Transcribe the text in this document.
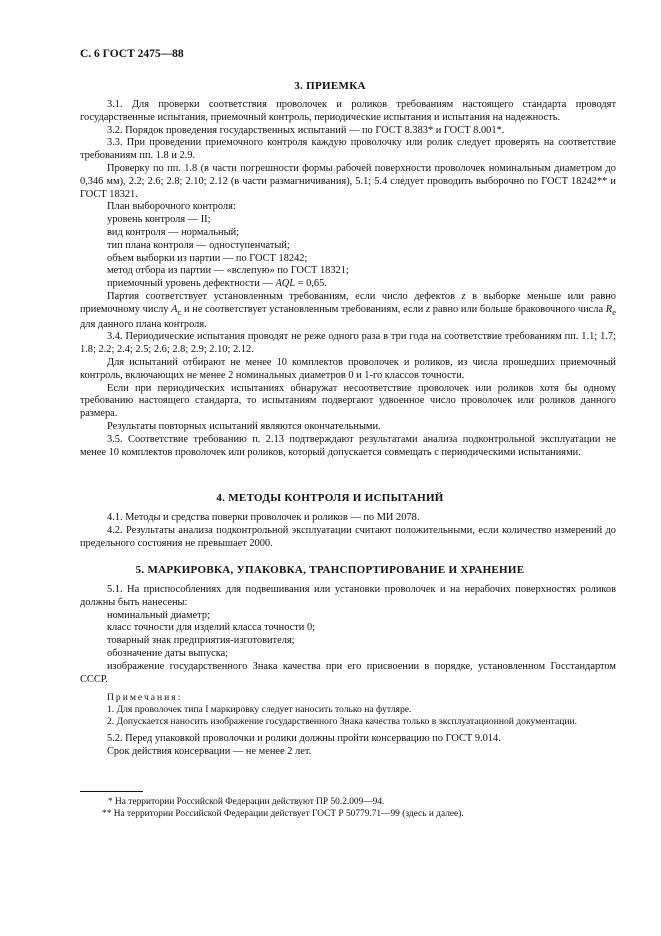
С. 6 ГОСТ 2475—88
3. ПРИЕМКА

3.1. Для проверки соответствия проволочек и роликов требованиям настоящего стандарта проводят государственные испытания, приемочный контроль, периодические испытания и испытания на надежность.

3.2. Порядок проведения государственных испытаний — по ГОСТ 8.383* и ГОСТ 8.001*.

3.3. При проведении приемочного контроля каждую проволочку или ролик следует проверять на соответствие требованиям пп. 1.8 и 2.9.

Проверку по пп. 1.8 (в части погрешности формы рабочей поверхности проволочек номинальным диаметром до 0,346 мм), 2.2; 2.6; 2.8; 2.10; 2.12 (в части размагничивания), 5.1; 5.4 следует проводить выборочно по ГОСТ 18242** и ГОСТ 18321.

План выборочного контроля:

уровень контроля — II;

вид контроля — нормальный;

тип плана контроля — одноступенчатый;

объем выборки из партии — по ГОСТ 18242;

метод отбора из партии — «вслепую» по ГОСТ 18321;

приемочный уровень дефектности — AQL = 0,65.

Партия соответствует установленным требованиям, если число дефектов z в выборке меньше или равно приемочному числу $A_c$ и не соответствует установленным требованиям, если z равно или больше браковочного числа $R_e$ для данного плана контроля.

3.4. Периодические испытания проводят не реже одного раза в три года на соответствие требованиям пп. 1.1; 1.7; 1.8; 2.2; 2.4; 2.5; 2.6; 2.8; 2.9; 2.10; 2.12.

Для испытаний отбирают не менее 10 комплектов проволочек и роликов, из числа прошедших приемочный контроль, включающих не менее 2 номинальных диаметров 0 и 1-го классов точности.

Если при периодических испытаниях обнаружат несоответствие проволочек или роликов хотя бы одному требованию настоящего стандарта, то испытаниям подвергают удвоенное число проволочек или роликов данного размера.

Результаты повторных испытаний являются окончательными.

3.5. Соответствие требованию п. 2.13 подтверждают результатами анализа подконтрольной эксплуатации не менее 10 комплектов проволочек или роликов, который допускается совмещать с периодическими испытаниями.

4. МЕТОДЫ КОНТРОЛЯ И ИСПЫТАНИЙ

4.1. Методы и средства поверки проволочек и роликов — по МИ 2078.

4.2. Результаты анализа подконтрольной эксплуатации считают положительными, если количество измерений до предельного состояния не превышает 2000.

5. МАРКИРОВКА, УПАКОВКА, ТРАНСПОРТИРОВАНИЕ И ХРАНЕНИЕ

5.1. На приспособлениях для подвешивания или установки проволочек и на нерабочих поверхностях роликов должны быть нанесены:

номинальный диаметр;

класс точности для изделий класса точности 0;

товарный знак предприятия-изготовителя;

обозначение даты выпуска;

изображение государственного Знака качества при его присвоении в порядке, установленном Госстандартом СССР.

Примечания:

1. Для проволочек типа I маркировку следует наносить только на футляре.

2. Допускается наносить изображение государственного Знака качества только в эксплуатационной документации.

5.2. Перед упаковкой проволочки и ролики должны пройти консервацию по ГОСТ 9.014.

Срок действия консервации — не менее 2 лет.

* На территории Российской Федерации действуют ПР 50.2.009—94.

** На территории Российской Федерации действует ГОСТ Р 50779.71—99 (здесь и далее).
